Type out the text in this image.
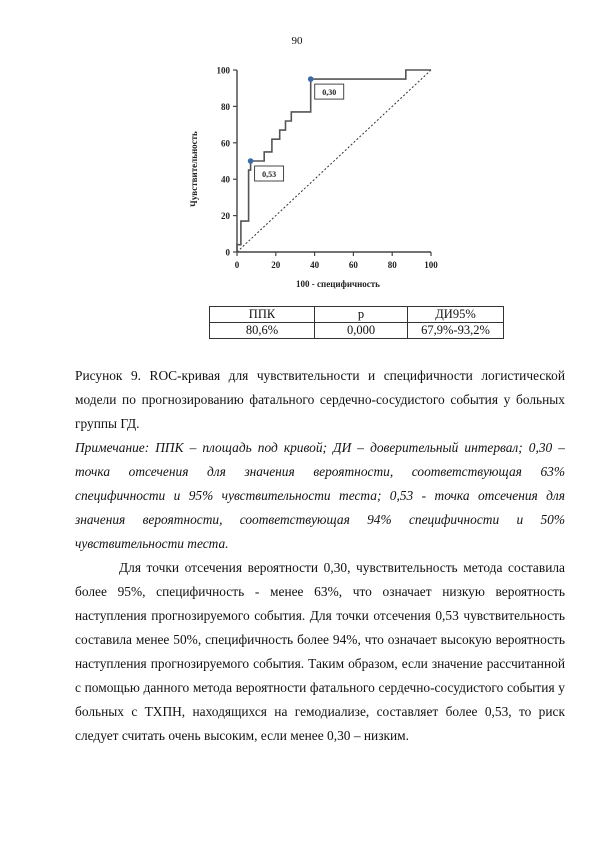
90
0
20
40
60
80
100
0	20	40	60	80	100
100 - специфичность
Чувствительность
0,30
0,53
ППК	p	ДИ95%
80,6%	0,000	67,9%-93,2%

Рисунок 9. ROC-кривая для чувствительности и специфичности логистической модели по прогнозированию фатального сердечно-сосудистого события у больных группы ГД.

Примечание: ППК – площадь под кривой; ДИ – доверительный интервал; 0,30 – точка отсечения для значения вероятности, соответствующая 63% специфичности и 95% чувствительности теста; 0,53 - точка отсечения для значения вероятности, соответствующая 94% специфичности и 50% чувствительности теста.

Для точки отсечения вероятности 0,30, чувствительность метода составила более 95%, специфичность - менее 63%, что означает низкую вероятность наступления прогнозируемого события. Для точки отсечения 0,53 чувствительность составила менее 50%, специфичность более 94%, что означает высокую вероятность наступления прогнозируемого события. Таким образом, если значение рассчитанной с помощью данного метода вероятности фатального сердечно-сосудистого события у больных с ТХПН, находящихся на гемодиализе, составляет более 0,53, то риск следует считать очень высоким, если менее 0,30 – низким.
